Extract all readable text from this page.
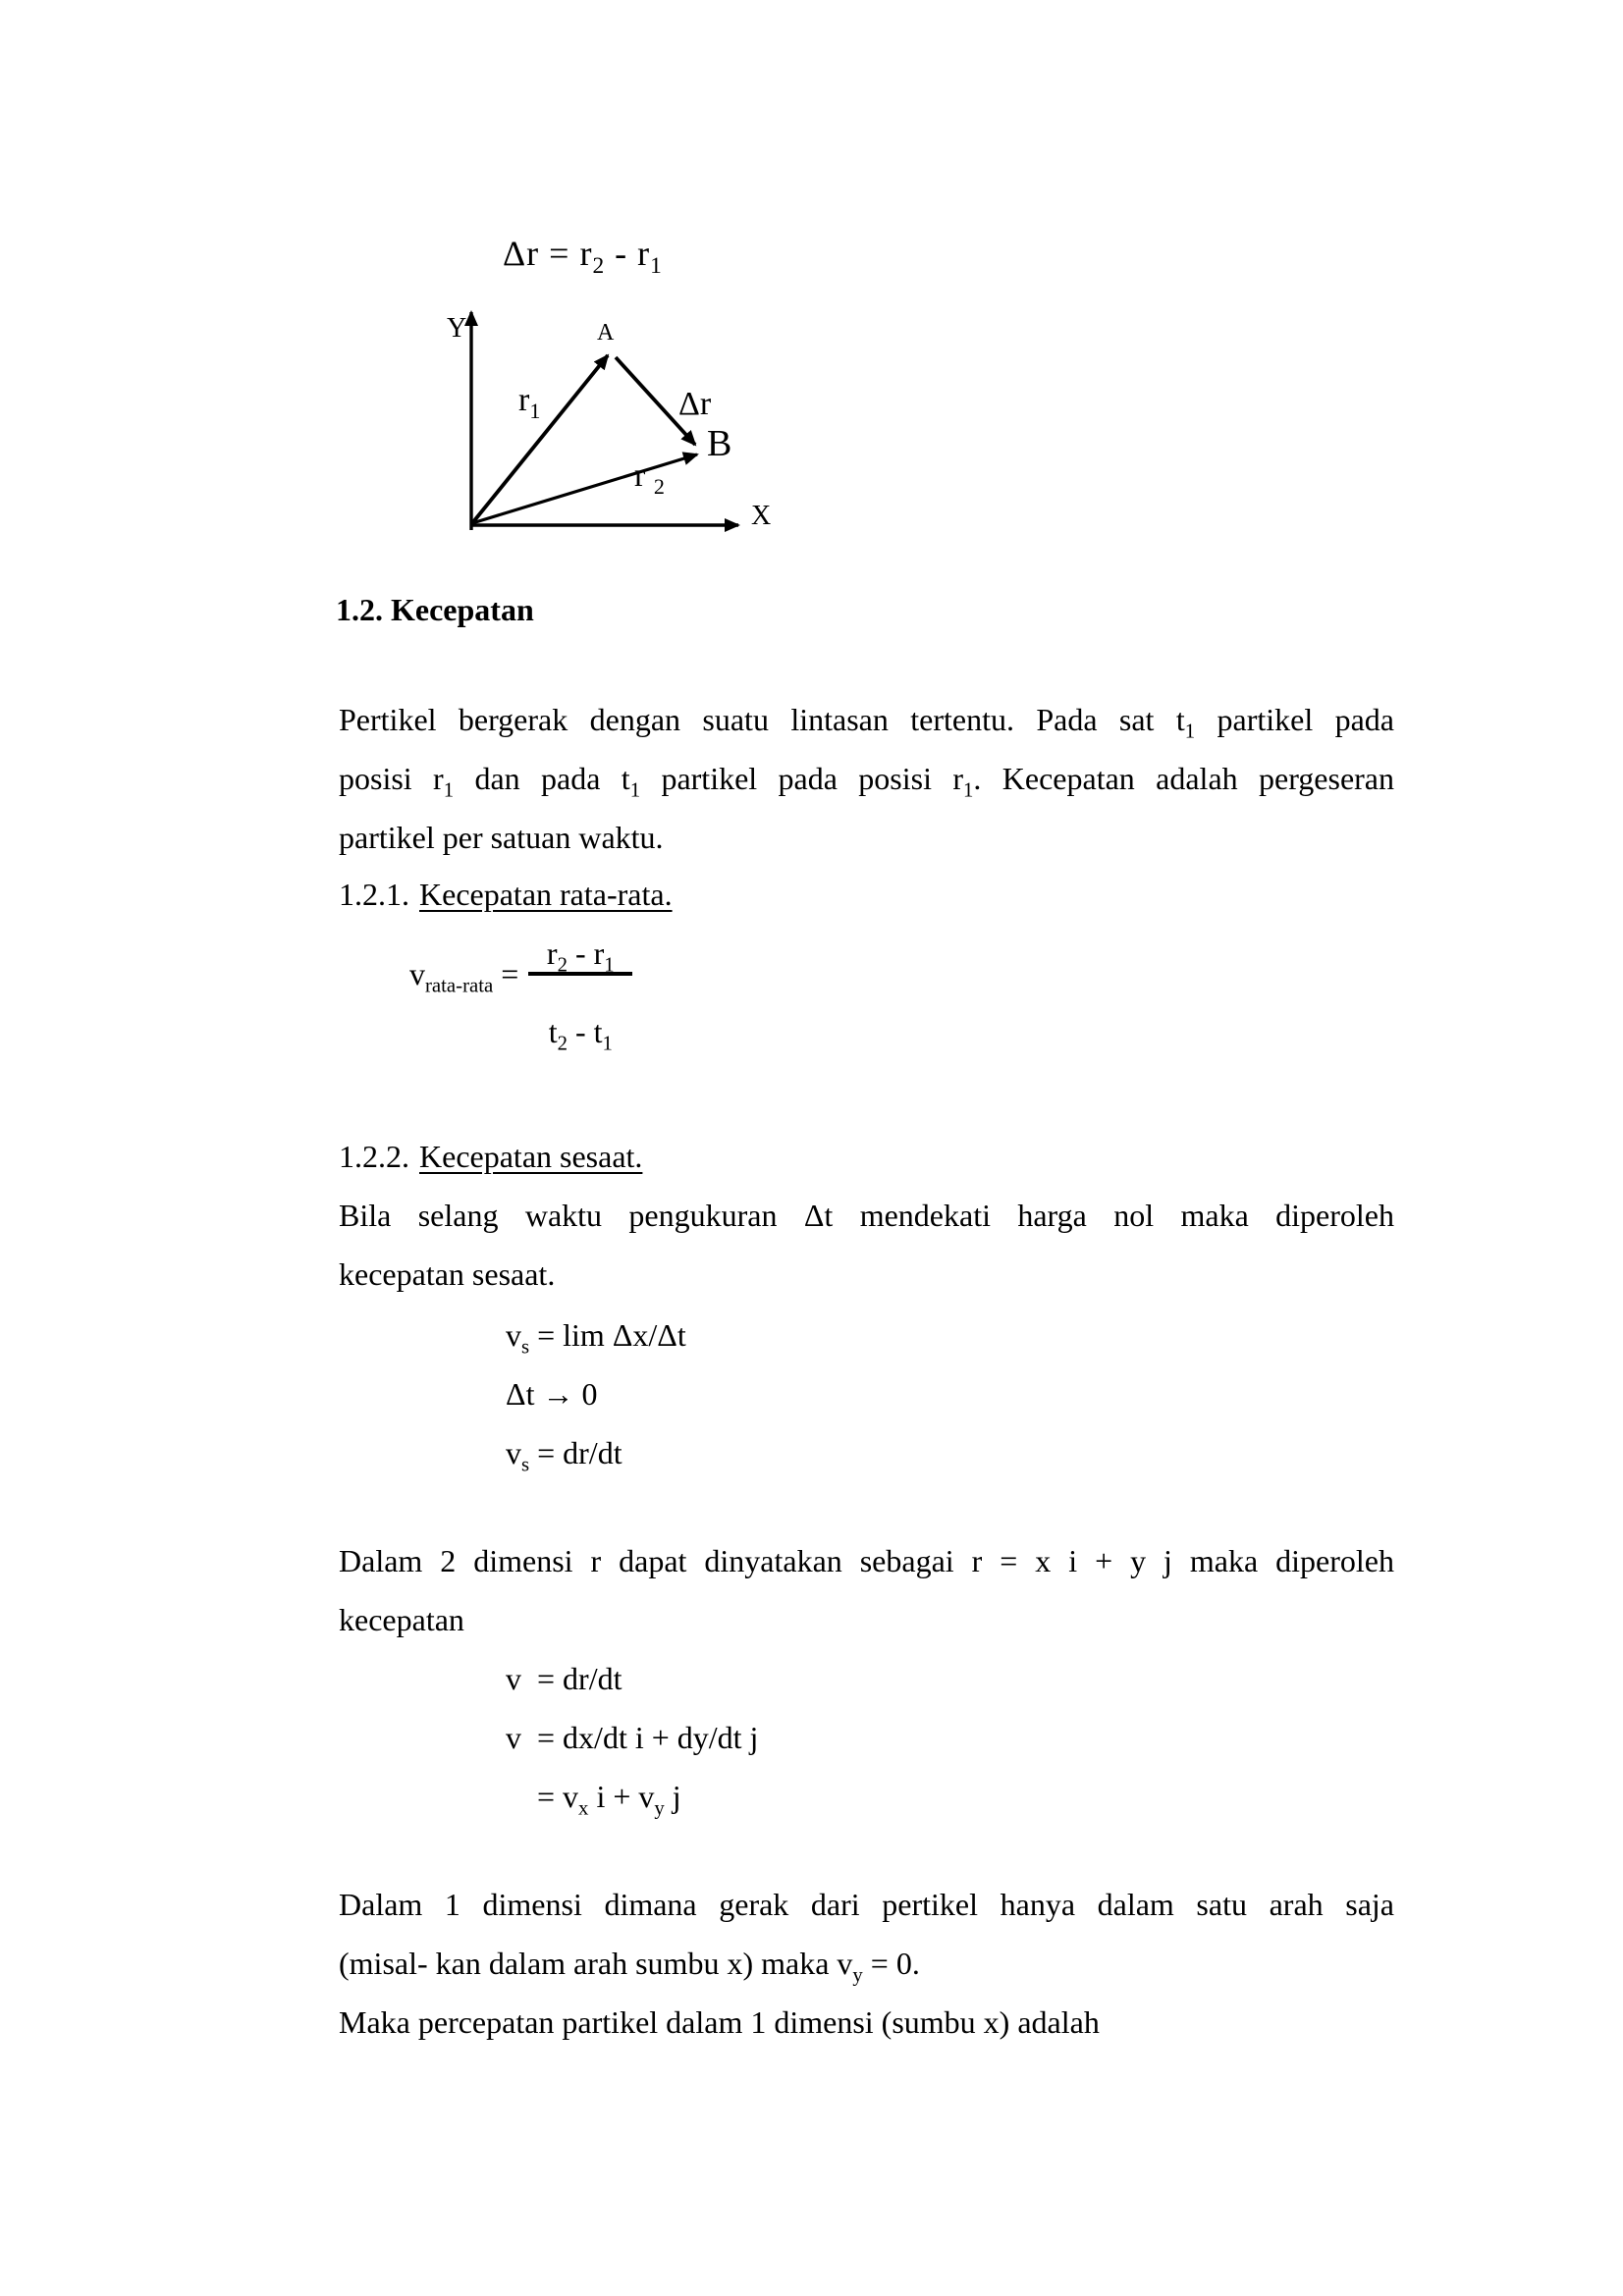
$\Delta r = r_2 - r_1$
Y
X
A
$r_1$	Δr
B
r $_2$
1.2. Kecepatan
Pertikel bergerak dengan suatu lintasan tertentu. Pada sat $t_1$ partikel pada
posisi $r_1$ dan pada $t_1$ partikel pada posisi $r_1$. Kecepatan adalah pergeseran
partikel per satuan waktu.
1.2.1. Kecepatan rata-rata.
$v_{rata-rata} = \frac{r_2 - r_1}{t_2 - t_1}$
1.2.2. Kecepatan sesaat.
Bila selang waktu pengukuran Δt mendekati harga nol maka diperoleh
kecepatan sesaat.
$v_s = \lim \Delta x/\Delta t$
Δt → 0
$v_s = dr/dt$
Dalam 2 dimensi r dapat dinyatakan sebagai r = x i + y j maka diperoleh
kecepatan
v  = dr/dt
v  = dx/dt i + dy/dt j
= $v_x$ $i + v_y$ j
Dalam 1 dimensi dimana gerak dari pertikel hanya dalam satu arah saja
(misal- kan dalam arah sumbu x) maka $v_y = 0$.
Maka percepatan partikel dalam 1 dimensi (sumbu x) adalah
